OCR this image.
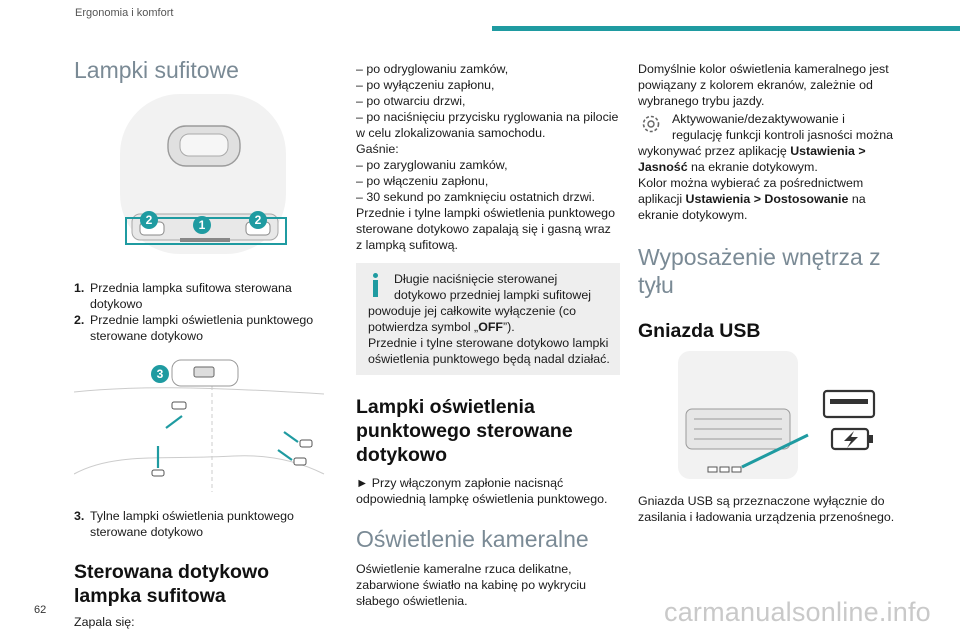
Ergonomia i komfort
Lampki sufitowe
2	1	2
1. Przednia lampka sufitowa sterowana dotykowo
2. Przednie lampki oświetlenia punktowego sterowane dotykowo
3
3. Tylne lampki oświetlenia punktowego sterowane dotykowo
Sterowana dotykowo lampka sufitowa

Zapala się:

– po odryglowaniu zamków,

– po wyłączeniu zapłonu,

– po otwarciu drzwi,

– po naciśnięciu przycisku ryglowania na pilocie w celu zlokalizowania samochodu.

Gaśnie:

– po zaryglowaniu zamków,

– po włączeniu zapłonu,

– 30 sekund po zamknięciu ostatnich drzwi.

Przednie i tylne lampki oświetlenia punktowego sterowane dotykowo zapalają się i gasną wraz z lampką sufitową.

Długie naciśnięcie sterowanej dotykowo przedniej lampki sufitowej powoduje jej całkowite wyłączenie (co potwierdza symbol „OFF”).

Przednie i tylne sterowane dotykowo lampki oświetlenia punktowego będą nadal działać.

Lampki oświetlenia punktowego sterowane dotykowo

► Przy włączonym zapłonie nacisnąć odpowiednią lampkę oświetlenia punktowego.

Oświetlenie kameralne

Oświetlenie kameralne rzuca delikatne, zabarwione światło na kabinę po wykryciu słabego oświetlenia.

Domyślnie kolor oświetlenia kameralnego jest powiązany z kolorem ekranów, zależnie od wybranego trybu jazdy.

Aktywowanie/dezaktywowanie i regulację funkcji kontroli jasności można wykonywać przez aplikację Ustawienia > Jasność na ekranie dotykowym.

Kolor można wybierać za pośrednictwem aplikacji Ustawienia > Dostosowanie na ekranie dotykowym.

Wyposażenie wnętrza z tyłu
Gniazda USB

Gniazda USB są przeznaczone wyłącznie do zasilania i ładowania urządzenia przenośnego.

62	carmanualsonline.info
